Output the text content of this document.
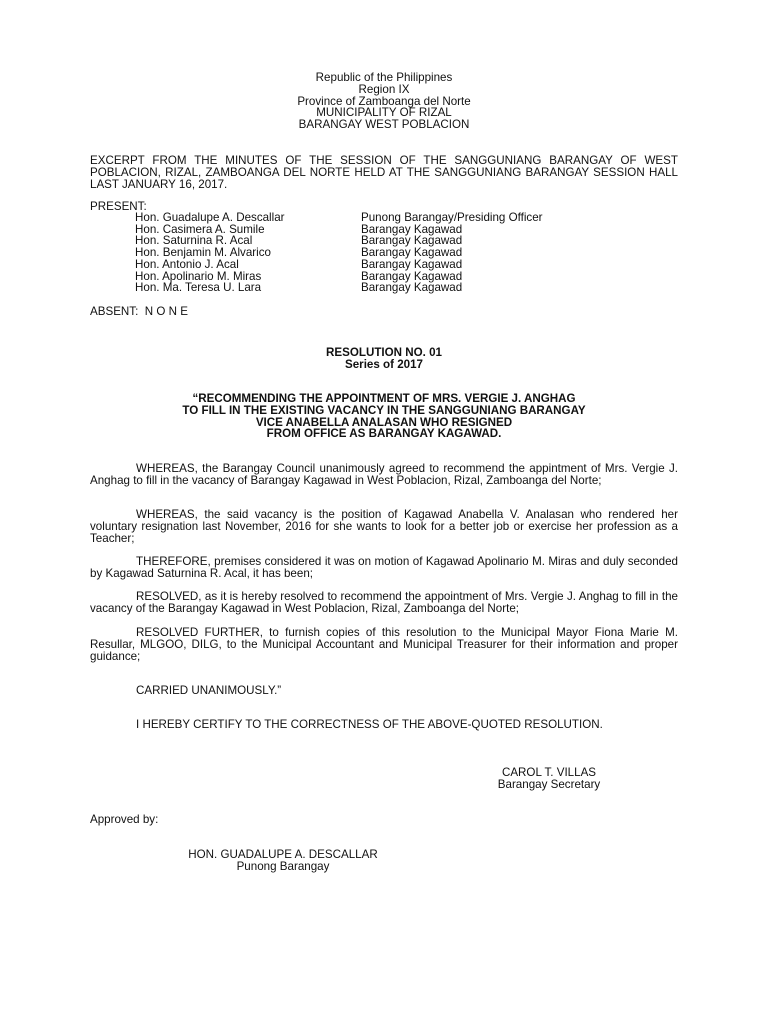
Republic of the Philippines
Region IX
Province of Zamboanga del Norte
MUNICIPALITY OF RIZAL
BARANGAY WEST POBLACION
EXCERPT FROM THE MINUTES OF THE SESSION OF THE SANGGUNIANG BARANGAY OF WEST POBLACION, RIZAL, ZAMBOANGA DEL NORTE HELD AT THE SANGGUNIANG BARANGAY SESSION HALL LAST JANUARY 16, 2017.
PRESENT:
Hon. Guadalupe A. Descallar	Punong Barangay/Presiding Officer
Hon. Casimera A. Sumile	Barangay Kagawad
Hon. Saturnina R. Acal	Barangay Kagawad
Hon. Benjamin M. Alvarico	Barangay Kagawad
Hon. Antonio J. Acal	Barangay Kagawad
Hon. Apolinario M. Miras	Barangay Kagawad
Hon. Ma. Teresa U. Lara	Barangay Kagawad
ABSENT:  N O N E
RESOLUTION NO. 01
Series of 2017
“RECOMMENDING THE APPOINTMENT OF MRS. VERGIE J. ANGHAG
TO FILL IN THE EXISTING VACANCY IN THE SANGGUNIANG BARANGAY
VICE ANABELLA ANALASAN WHO RESIGNED
FROM OFFICE AS BARANGAY KAGAWAD.

WHEREAS, the Barangay Council unanimously agreed to recommend the appintment of Mrs. Vergie J. Anghag to fill in the vacancy of Barangay Kagawad in West Poblacion, Rizal, Zamboanga del Norte;

WHEREAS, the said vacancy is the position of Kagawad Anabella V. Analasan who rendered her voluntary resignation last November, 2016 for she wants to look for a better job or exercise her profession as a Teacher;

THEREFORE, premises considered it was on motion of Kagawad Apolinario M. Miras and duly seconded by Kagawad Saturnina R. Acal, it has been;

RESOLVED, as it is hereby resolved to recommend the appointment of Mrs. Vergie J. Anghag to fill in the vacancy of the Barangay Kagawad in West Poblacion, Rizal, Zamboanga del Norte;

RESOLVED FURTHER, to furnish copies of this resolution to the Municipal Mayor Fiona Marie M. Resullar, MLGOO, DILG, to the Municipal Accountant and Municipal Treasurer for their information and proper guidance;

CARRIED UNANIMOUSLY.”

I HEREBY CERTIFY TO THE CORRECTNESS OF THE ABOVE-QUOTED RESOLUTION.

CAROL T. VILLAS
Barangay Secretary
Approved by:
HON. GUADALUPE A. DESCALLAR
Punong Barangay
